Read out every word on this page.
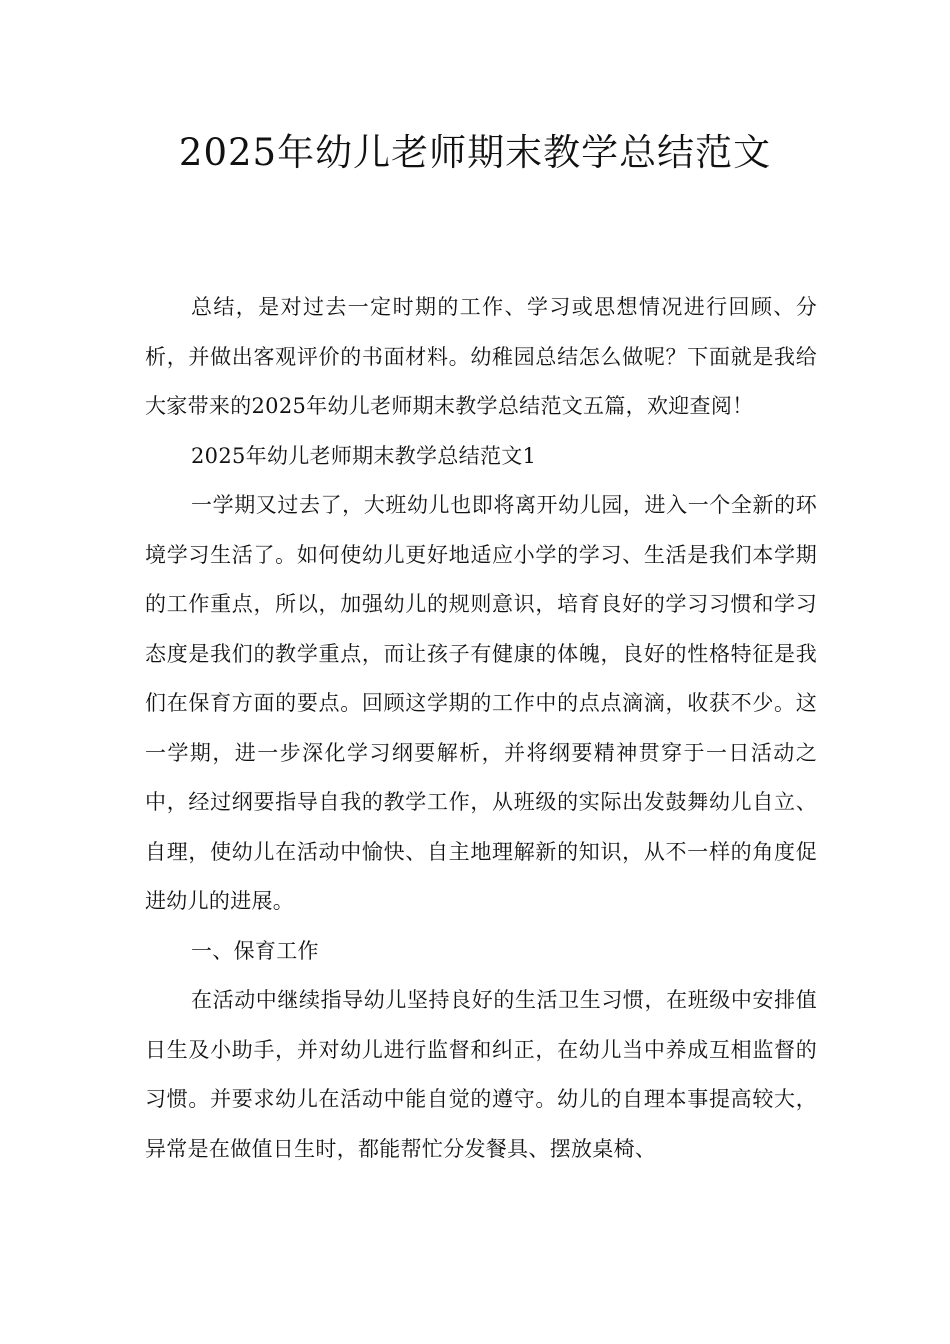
2025年幼儿老师期末教学总结范文

总结，是对过去一定时期的工作、学习或思想情况进行回顾、分析，并做出客观评价的书面材料。幼稚园总结怎么做呢？下面就是我给大家带来的2025年幼儿老师期末教学总结范文五篇，欢迎查阅！

2025年幼儿老师期末教学总结范文1

一学期又过去了，大班幼儿也即将离开幼儿园，进入一个全新的环境学习生活了。如何使幼儿更好地适应小学的学习、生活是我们本学期的工作重点，所以，加强幼儿的规则意识，培育良好的学习习惯和学习态度是我们的教学重点，而让孩子有健康的体魄，良好的性格特征是我们在保育方面的要点。回顾这学期的工作中的点点滴滴，收获不少。这一学期，进一步深化学习纲要解析，并将纲要精神贯穿于一日活动之中，经过纲要指导自我的教学工作，从班级的实际出发鼓舞幼儿自立、自理，使幼儿在活动中愉快、自主地理解新的知识，从不一样的角度促进幼儿的进展。

一、保育工作

在活动中继续指导幼儿坚持良好的生活卫生习惯，在班级中安排值日生及小助手，并对幼儿进行监督和纠正，在幼儿当中养成互相监督的习惯。并要求幼儿在活动中能自觉的遵守。幼儿的自理本事提高较大，异常是在做值日生时，都能帮忙分发餐具、摆放桌椅、
